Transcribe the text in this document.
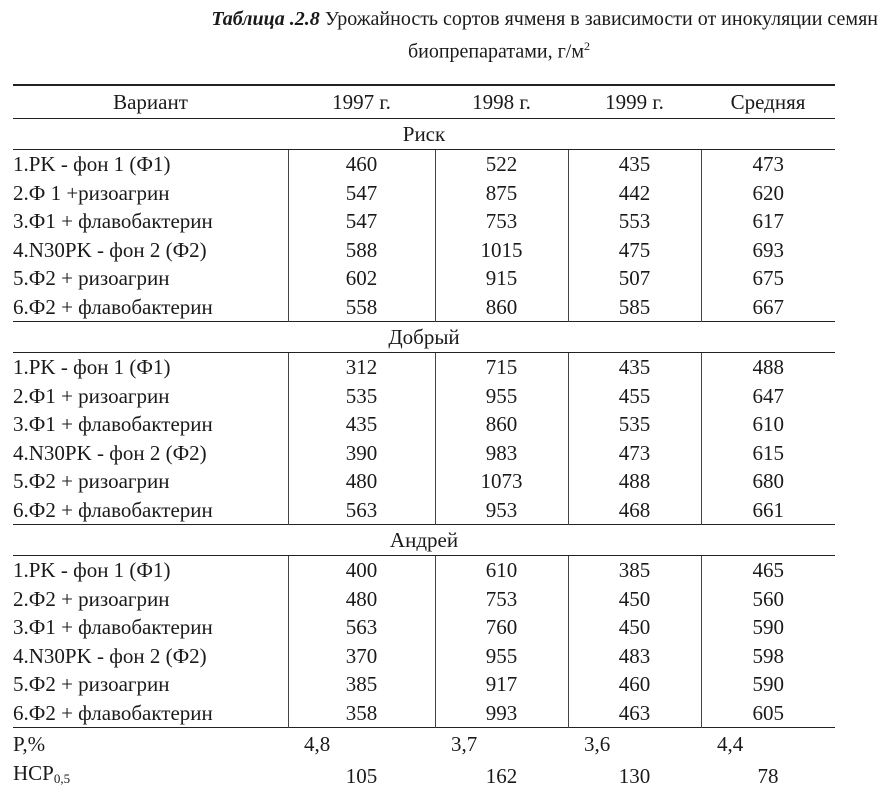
Таблица .2.8 Урожайность сортов ячменя в зависимости от инокуляции семян
биопрепаратами, $г/м^2$
Вариант	1997 г.	1998 г.	1999 г.	Средняя
Риск				
1.PK - фон 1 (Ф1)	460	522	435	473
2.Ф 1 +ризоагрин	547	875	442	620
3.Ф1 + флавобактерин	547	753	553	617
4.N30PK - фон 2 (Ф2)	588	1015	475	693
5.Ф2 + ризоагрин	602	915	507	675
6.Ф2 + флавобактерин	558	860	585	667
Добрый				
1.PK - фон 1 (Ф1)	312	715	435	488
2.Ф1 + ризоагрин	535	955	455	647
3.Ф1 + флавобактерин	435	860	535	610
4.N30PK - фон 2 (Ф2)	390	983	473	615
5.Ф2 + ризоагрин	480	1073	488	680
6.Ф2 + флавобактерин	563	953	468	661
Андрей				
1.PK - фон 1 (Ф1)	400	610	385	465
2.Ф2 + ризоагрин	480	753	450	560
3.Ф1 + флавобактерин	563	760	450	590
4.N30PK - фон 2 (Ф2)	370	955	483	598
5.Ф2 + ризоагрин	385	917	460	590
6.Ф2 + флавобактерин	358	993	463	605
P,%	4,8	3,7	3,6	4,4
$HCP_{0,5}$	105	162	130	78
